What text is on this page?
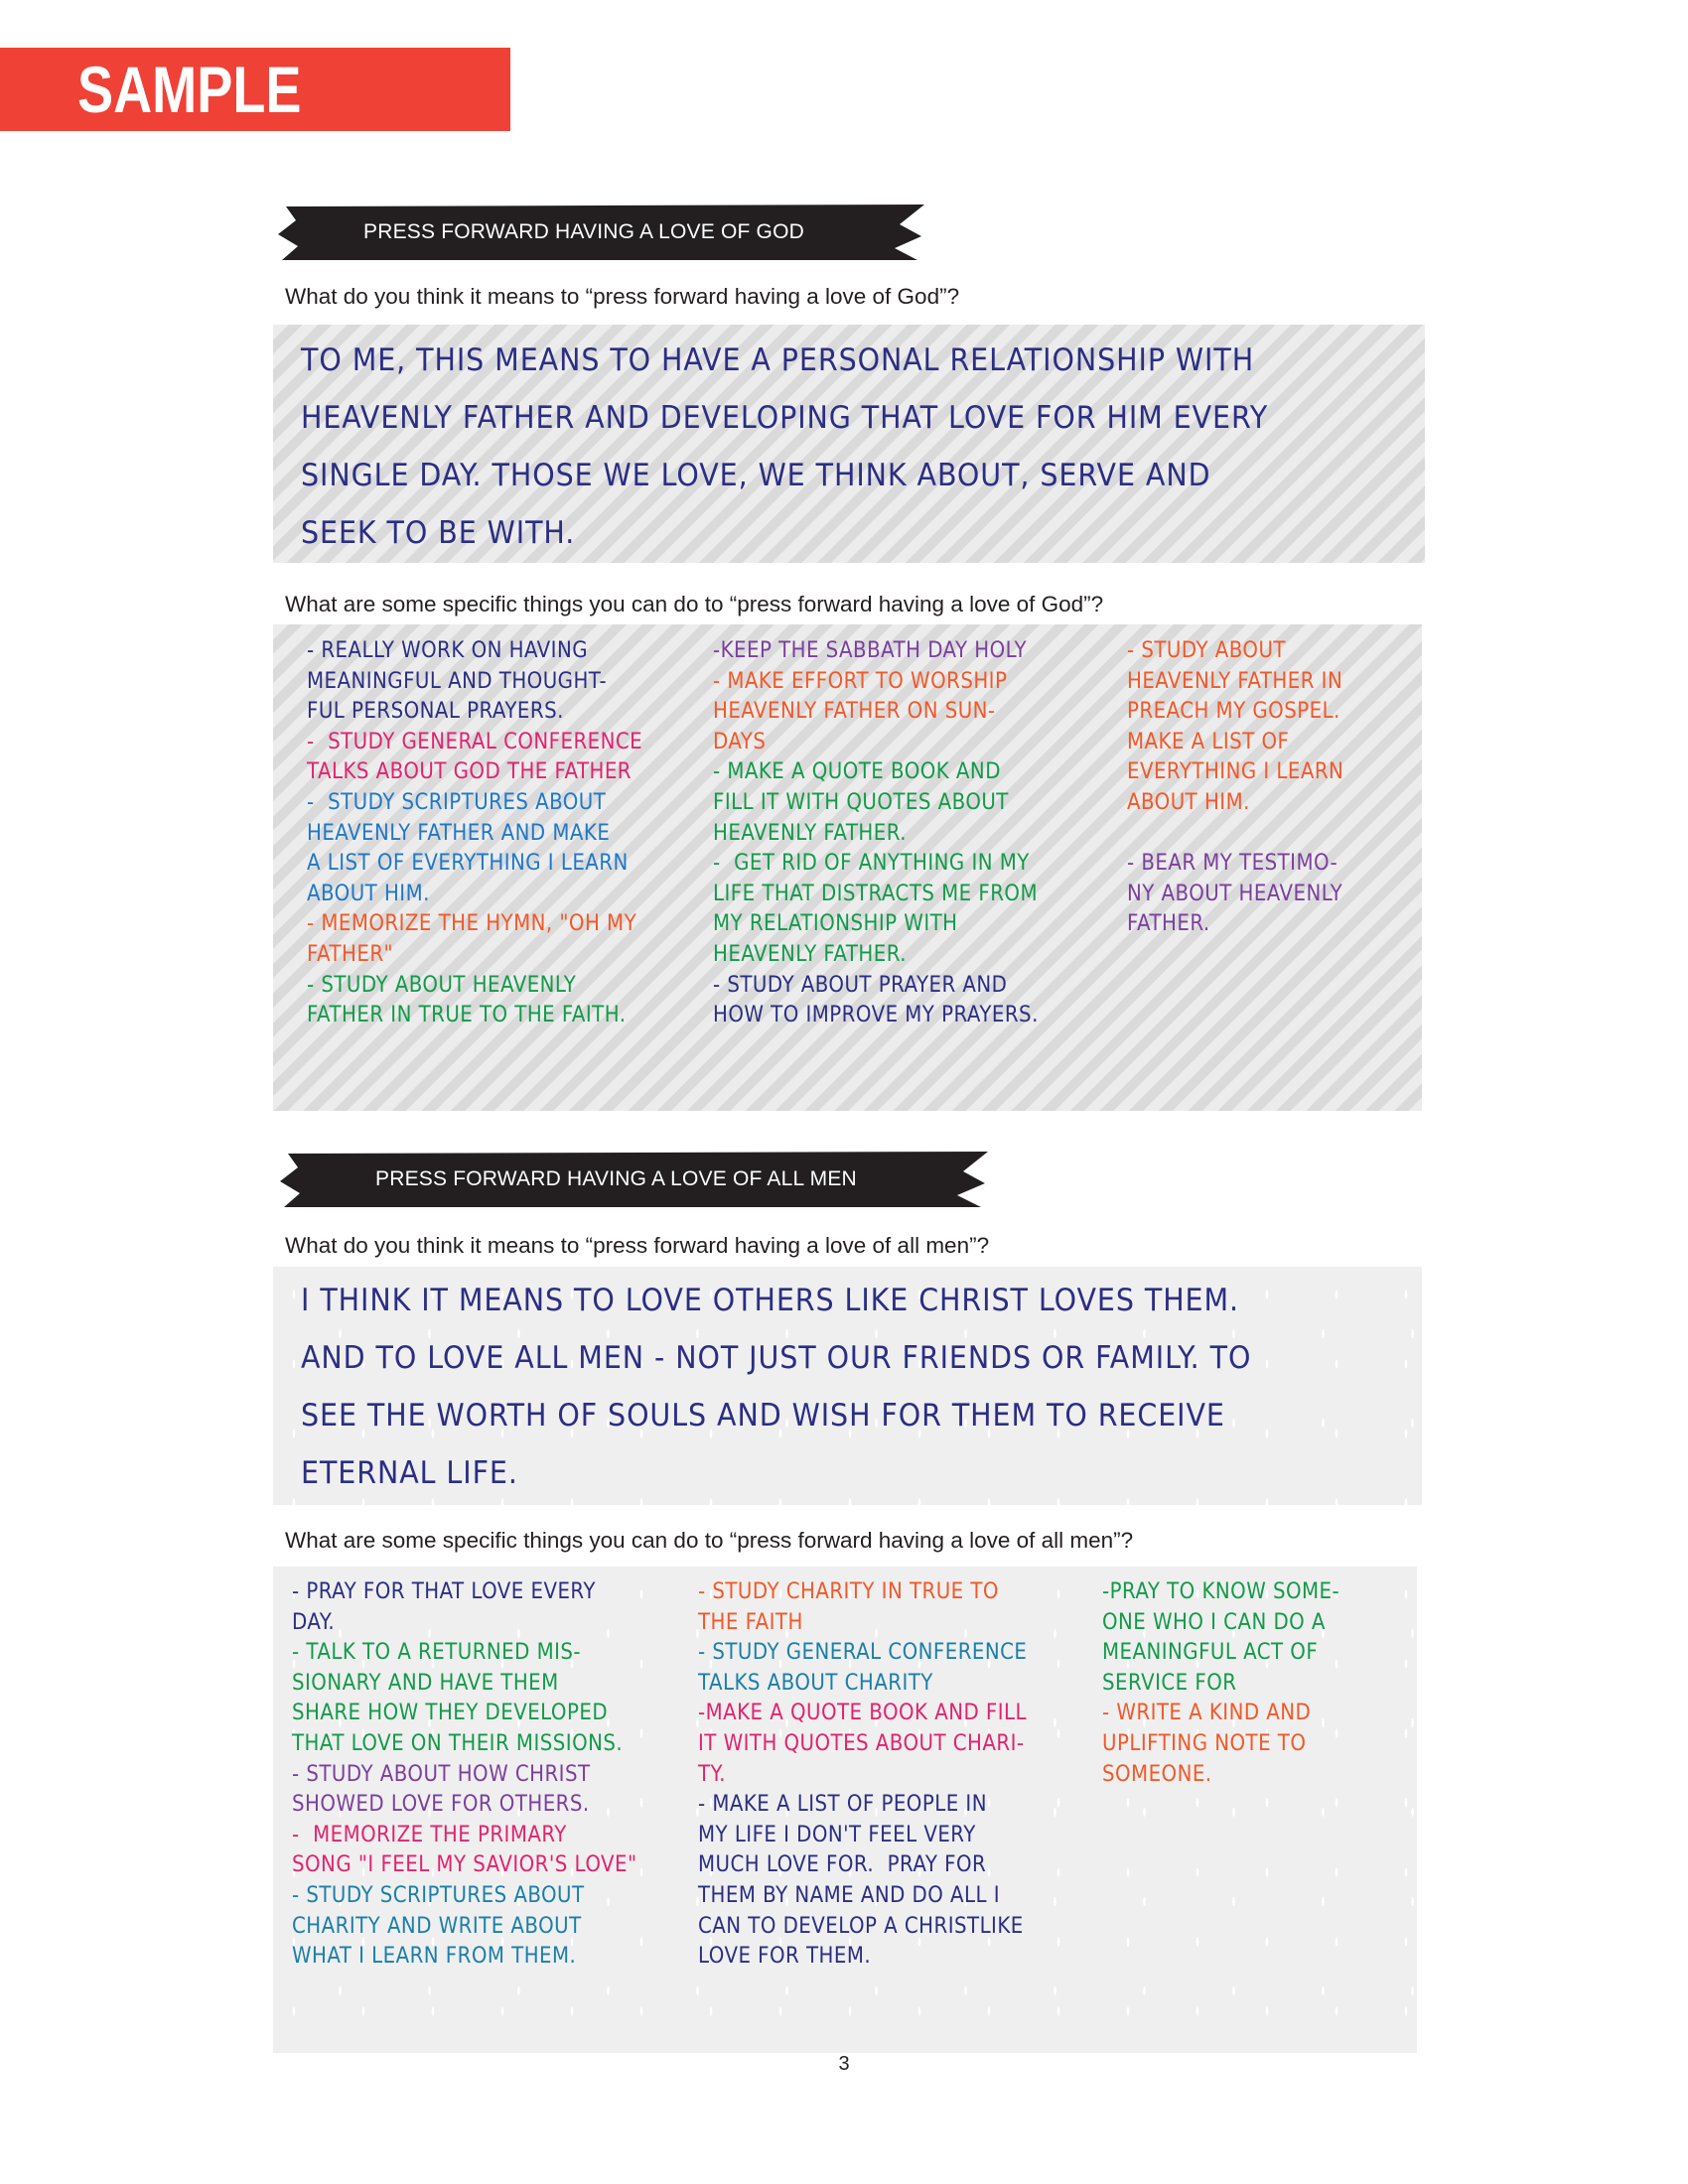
SAMPLE PAGE
PRESS FORWARD HAVING A LOVE OF GOD
What do you think it means to “press forward having a love of God”?

TO ME, THIS MEANS TO HAVE A PERSONAL RELATIONSHIP WITH

HEAVENLY FATHER AND DEVELOPING THAT LOVE FOR HIM EVERY

SINGLE DAY. THOSE WE LOVE, WE THINK ABOUT, SERVE AND

SEEK TO BE WITH.

What are some specific things you can do to “press forward having a love of God”?

- REALLY WORK ON HAVING

MEANINGFUL AND THOUGHT-

FUL PERSONAL PRAYERS.

-  STUDY GENERAL CONFERENCE

TALKS ABOUT GOD THE FATHER

-  STUDY SCRIPTURES ABOUT

HEAVENLY FATHER AND MAKE

A LIST OF EVERYTHING I LEARN

ABOUT HIM.

- MEMORIZE THE HYMN, "OH MY

FATHER"

- STUDY ABOUT HEAVENLY

FATHER IN TRUE TO THE FAITH.

-KEEP THE SABBATH DAY HOLY

- MAKE EFFORT TO WORSHIP

HEAVENLY FATHER ON SUN-

DAYS

- MAKE A QUOTE BOOK AND

FILL IT WITH QUOTES ABOUT

HEAVENLY FATHER.

-  GET RID OF ANYTHING IN MY

LIFE THAT DISTRACTS ME FROM

MY RELATIONSHIP WITH

HEAVENLY FATHER.

- STUDY ABOUT PRAYER AND

HOW TO IMPROVE MY PRAYERS.

- STUDY ABOUT

HEAVENLY FATHER IN

PREACH MY GOSPEL.

MAKE A LIST OF

EVERYTHING I LEARN

ABOUT HIM.

- BEAR MY TESTIMO-

NY ABOUT HEAVENLY

FATHER.

PRESS FORWARD HAVING A LOVE OF ALL MEN
What do you think it means to “press forward having a love of all men”?

I THINK IT MEANS TO LOVE OTHERS LIKE CHRIST LOVES THEM.

AND TO LOVE ALL MEN - NOT JUST OUR FRIENDS OR FAMILY. TO

SEE THE WORTH OF SOULS AND WISH FOR THEM TO RECEIVE

ETERNAL LIFE.

What are some specific things you can do to “press forward having a love of all men”?

- PRAY FOR THAT LOVE EVERY

DAY.

- TALK TO A RETURNED MIS-

SIONARY AND HAVE THEM

SHARE HOW THEY DEVELOPED

THAT LOVE ON THEIR MISSIONS.

- STUDY ABOUT HOW CHRIST

SHOWED LOVE FOR OTHERS.

-  MEMORIZE THE PRIMARY

SONG "I FEEL MY SAVIOR'S LOVE"

- STUDY SCRIPTURES ABOUT

CHARITY AND WRITE ABOUT

WHAT I LEARN FROM THEM.

- STUDY CHARITY IN TRUE TO

THE FAITH

- STUDY GENERAL CONFERENCE

TALKS ABOUT CHARITY

-MAKE A QUOTE BOOK AND FILL

IT WITH QUOTES ABOUT CHARI-

TY.

- MAKE A LIST OF PEOPLE IN

MY LIFE I DON'T FEEL VERY

MUCH LOVE FOR.  PRAY FOR

THEM BY NAME AND DO ALL I

CAN TO DEVELOP A CHRISTLIKE

LOVE FOR THEM.

-PRAY TO KNOW SOME-

ONE WHO I CAN DO A

MEANINGFUL ACT OF

SERVICE FOR

- WRITE A KIND AND

UPLIFTING NOTE TO

SOMEONE.

3
